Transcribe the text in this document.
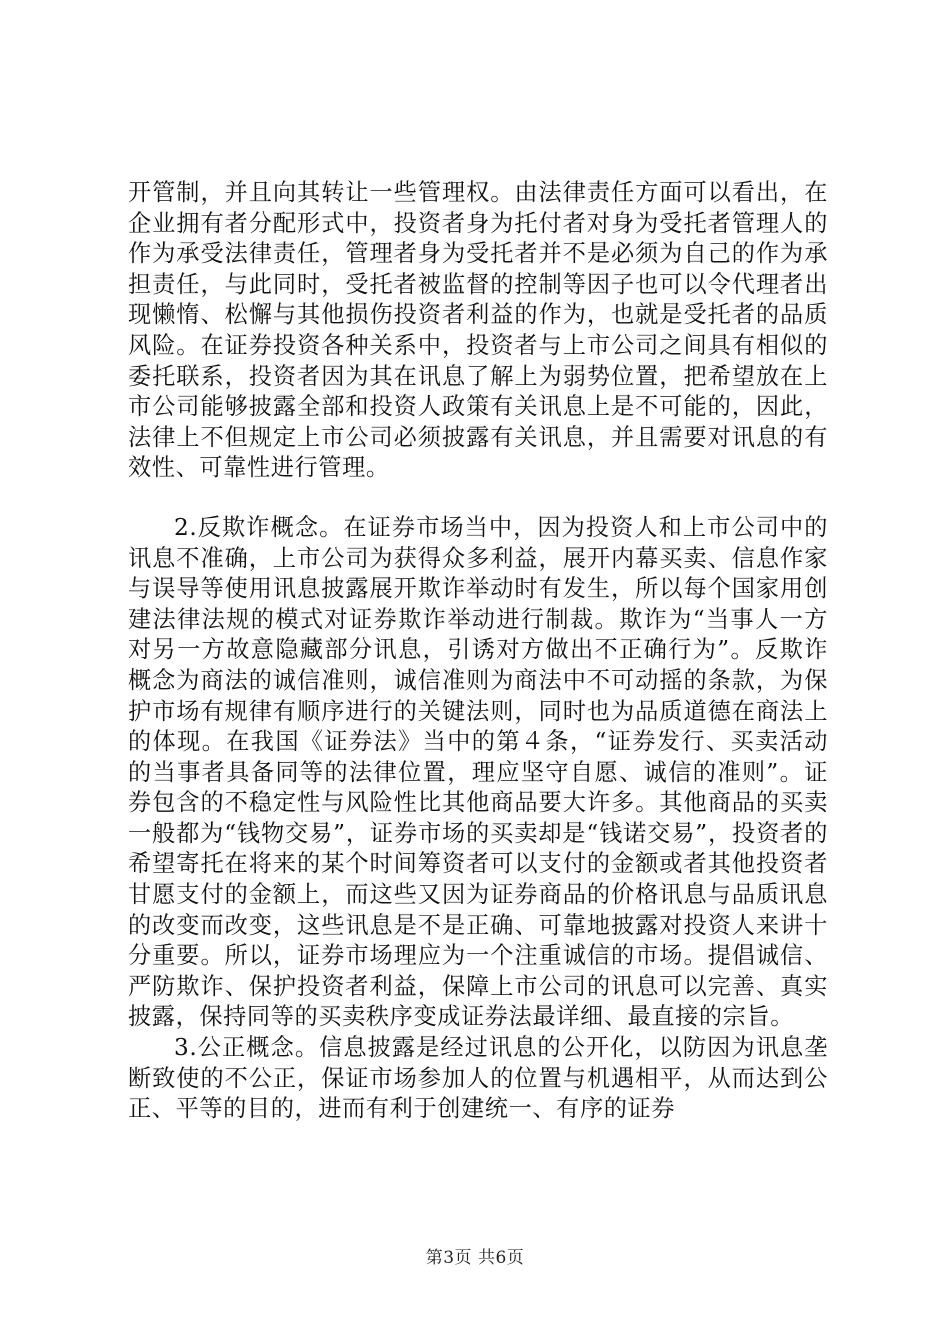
开管制，并且向其转让一些管理权。由法律责任方面可以看出，在企业拥有者分配形式中，投资者身为托付者对身为受托者管理人的作为承受法律责任，管理者身为受托者并不是必须为自己的作为承担责任，与此同时，受托者被监督的控制等因子也可以令代理者出现懒惰、松懈与其他损伤投资者利益的作为，也就是受托者的品质风险。在证券投资各种关系中，投资者与上市公司之间具有相似的委托联系，投资者因为其在讯息了解上为弱势位置，把希望放在上市公司能够披露全部和投资人政策有关讯息上是不可能的，因此，法律上不但规定上市公司必须披露有关讯息，并且需要对讯息的有效性、可靠性进行管理。

2.反欺诈概念。在证券市场当中，因为投资人和上市公司中的讯息不准确，上市公司为获得众多利益，展开内幕买卖、信息作家与误导等使用讯息披露展开欺诈举动时有发生，所以每个国家用创建法律法规的模式对证券欺诈举动进行制裁。欺诈为“当事人一方对另一方故意隐藏部分讯息，引诱对方做出不正确行为”。反欺诈概念为商法的诚信准则，诚信准则为商法中不可动摇的条款，为保护市场有规律有顺序进行的关键法则，同时也为品质道德在商法上的体现。在我国《证券法》当中的第４条，“证券发行、买卖活动的当事者具备同等的法律位置，理应坚守自愿、诚信的准则”。证券包含的不稳定性与风险性比其他商品要大许多。其他商品的买卖一般都为“钱物交易”，证券市场的买卖却是“钱诺交易”，投资者的希望寄托在将来的某个时间筹资者可以支付的金额或者其他投资者甘愿支付的金额上，而这些又因为证券商品的价格讯息与品质讯息的改变而改变，这些讯息是不是正确、可靠地披露对投资人来讲十分重要。所以，证券市场理应为一个注重诚信的市场。提倡诚信、严防欺诈、保护投资者利益，保障上市公司的讯息可以完善、真实披露，保持同等的买卖秩序变成证券法最详细、最直接的宗旨。

3.公正概念。信息披露是经过讯息的公开化，以防因为讯息垄断致使的不公正，保证市场参加人的位置与机遇相平，从而达到公正、平等的目的，进而有利于创建统一、有序的证券

第3页 共6页
